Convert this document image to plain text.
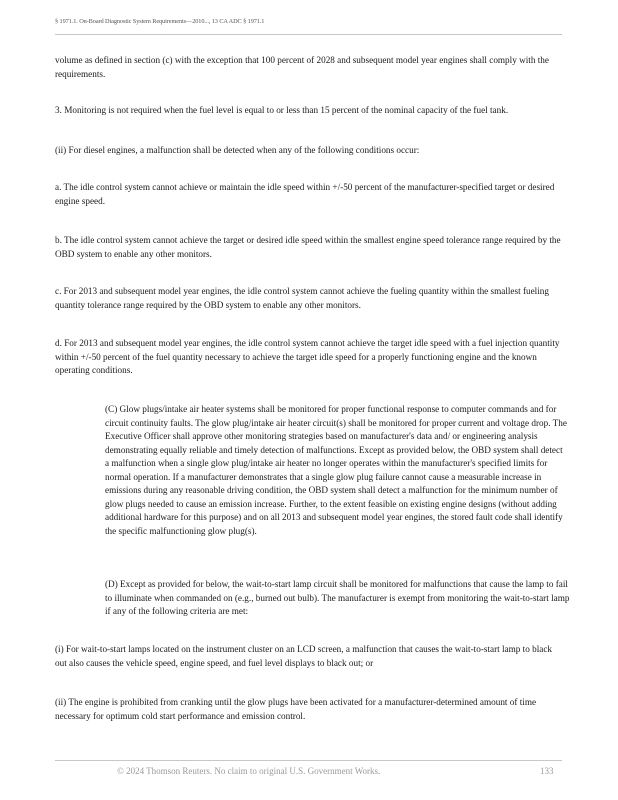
§ 1971.1. On-Board Diagnostic System Requirements—2010..., 13 CA ADC § 1971.1

volume as defined in section (c) with the exception that 100 percent of 2028 and subsequent model year engines shall comply with the requirements.

3. Monitoring is not required when the fuel level is equal to or less than 15 percent of the nominal capacity of the fuel tank.

(ii) For diesel engines, a malfunction shall be detected when any of the following conditions occur:

a. The idle control system cannot achieve or maintain the idle speed within +/-50 percent of the manufacturer-specified target or desired engine speed.

b. The idle control system cannot achieve the target or desired idle speed within the smallest engine speed tolerance range required by the OBD system to enable any other monitors.

c. For 2013 and subsequent model year engines, the idle control system cannot achieve the fueling quantity within the smallest fueling quantity tolerance range required by the OBD system to enable any other monitors.

d. For 2013 and subsequent model year engines, the idle control system cannot achieve the target idle speed with a fuel injection quantity within +/-50 percent of the fuel quantity necessary to achieve the target idle speed for a properly functioning engine and the known operating conditions.

(C) Glow plugs/intake air heater systems shall be monitored for proper functional response to computer commands and for circuit continuity faults. The glow plug/intake air heater circuit(s) shall be monitored for proper current and voltage drop. The Executive Officer shall approve other monitoring strategies based on manufacturer's data and/ or engineering analysis demonstrating equally reliable and timely detection of malfunctions. Except as provided below, the OBD system shall detect a malfunction when a single glow plug/intake air heater no longer operates within the manufacturer's specified limits for normal operation. If a manufacturer demonstrates that a single glow plug failure cannot cause a measurable increase in emissions during any reasonable driving condition, the OBD system shall detect a malfunction for the minimum number of glow plugs needed to cause an emission increase. Further, to the extent feasible on existing engine designs (without adding additional hardware for this purpose) and on all 2013 and subsequent model year engines, the stored fault code shall identify the specific malfunctioning glow plug(s).

(D) Except as provided for below, the wait-to-start lamp circuit shall be monitored for malfunctions that cause the lamp to fail to illuminate when commanded on (e.g., burned out bulb). The manufacturer is exempt from monitoring the wait-to-start lamp if any of the following criteria are met:

(i) For wait-to-start lamps located on the instrument cluster on an LCD screen, a malfunction that causes the wait-to-start lamp to black out also causes the vehicle speed, engine speed, and fuel level displays to black out; or

(ii) The engine is prohibited from cranking until the glow plugs have been activated for a manufacturer-determined amount of time necessary for optimum cold start performance and emission control.

© 2024 Thomson Reuters. No claim to original U.S. Government Works.	133
